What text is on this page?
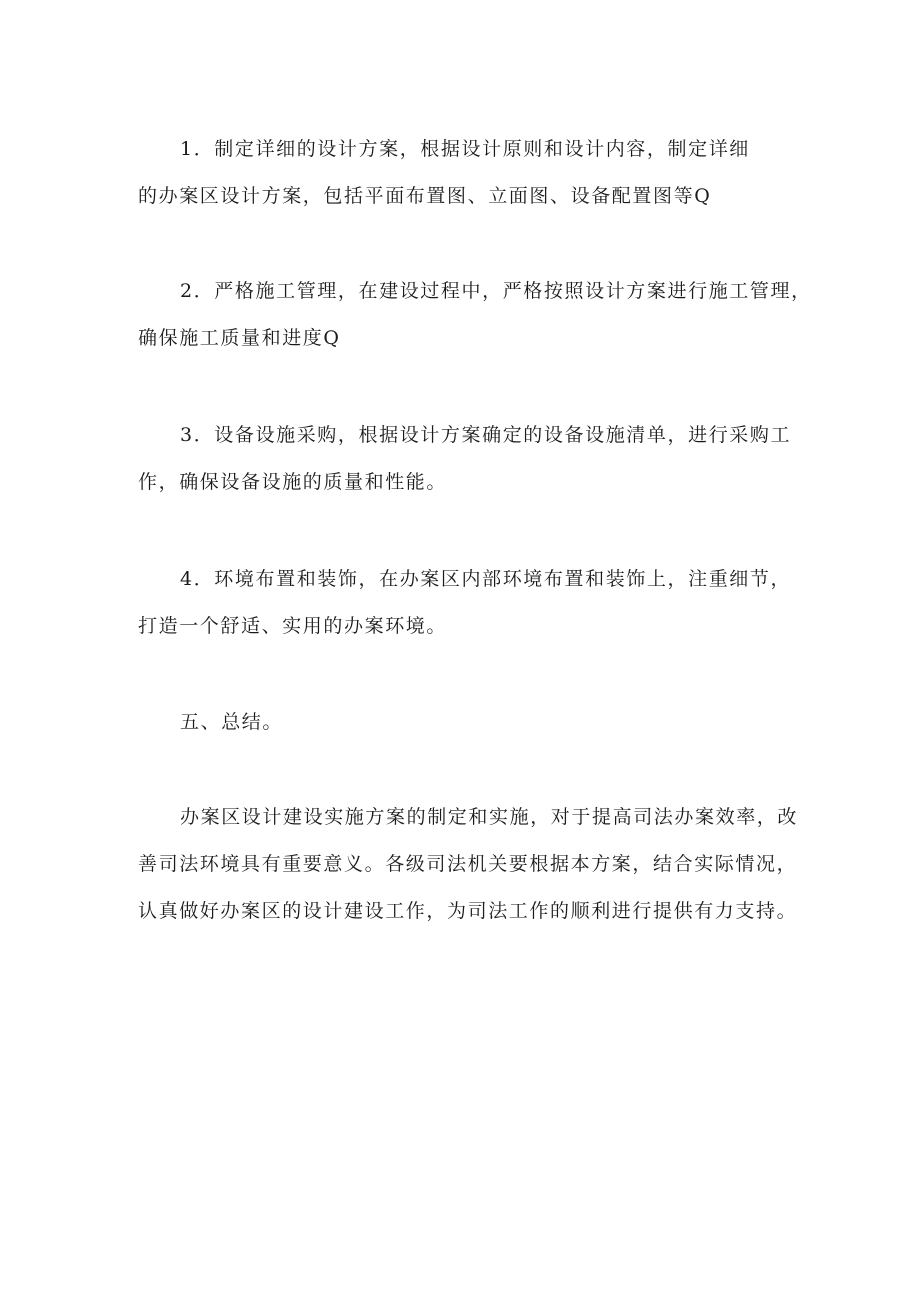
1．制定详细的设计方案，根据设计原则和设计内容，制定详细
的办案区设计方案，包括平面布置图、立面图、设备配置图等Q
2．严格施工管理，在建设过程中，严格按照设计方案进行施工管理，
确保施工质量和进度Q
3．设备设施采购，根据设计方案确定的设备设施清单，进行采购工
作，确保设备设施的质量和性能。
4．环境布置和装饰，在办案区内部环境布置和装饰上，注重细节，
打造一个舒适、实用的办案环境。
五、总结。
办案区设计建设实施方案的制定和实施，对于提高司法办案效率，改
善司法环境具有重要意义。各级司法机关要根据本方案，结合实际情况，
认真做好办案区的设计建设工作，为司法工作的顺利进行提供有力支持。
